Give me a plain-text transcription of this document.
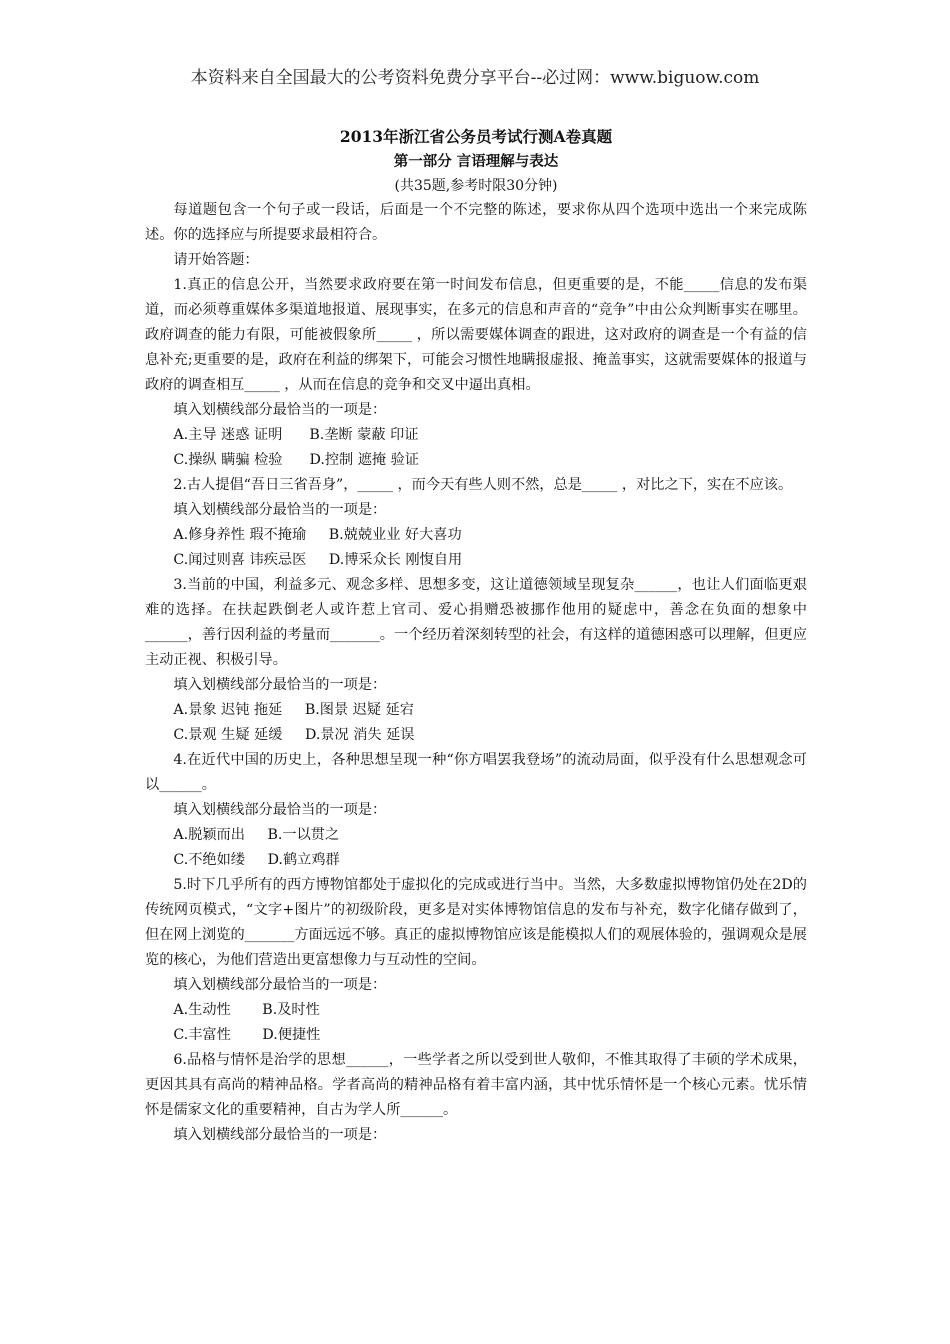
本资料来自全国最大的公考资料免费分享平台--必过网：www.biguow.com
2013年浙江省公务员考试行测A卷真题
第一部分 言语理解与表达
(共35题,参考时限30分钟)

每道题包含一个句子或一段话，后面是一个不完整的陈述，要求你从四个选项中选出一个来完成陈述。你的选择应与所提要求最相符合。

请开始答题：

1.真正的信息公开，当然要求政府要在第一时间发布信息，但更重要的是，不能_____信息的发布渠道，而必须尊重媒体多渠道地报道、展现事实，在多元的信息和声音的“竞争”中由公众判断事实在哪里。政府调查的能力有限，可能被假象所_____ ，所以需要媒体调查的跟进，这对政府的调查是一个有益的信息补充;更重要的是，政府在利益的绑架下，可能会习惯性地瞒报虚报、掩盖事实，这就需要媒体的报道与政府的调查相互_____ ，从而在信息的竞争和交叉中逼出真相。

填入划横线部分最恰当的一项是：

A.主导 迷惑 证明 B.垄断 蒙蔽 印证
C.操纵 瞒骗 检验 D.控制 遮掩 验证

2.古人提倡“吾日三省吾身”，_____ ，而今天有些人则不然，总是_____ ，对比之下，实在不应该。

填入划横线部分最恰当的一项是：

A.修身养性 瑕不掩瑜 B.兢兢业业 好大喜功
C.闻过则喜 讳疾忌医 D.博采众长 刚愎自用

3.当前的中国，利益多元、观念多样、思想多变，这让道德领域呈现复杂______，也让人们面临更艰难的选择。在扶起跌倒老人或许惹上官司、爱心捐赠恐被挪作他用的疑虑中，善念在负面的想象中______，善行因利益的考量而_______。一个经历着深刻转型的社会，有这样的道德困惑可以理解，但更应主动正视、积极引导。

填入划横线部分最恰当的一项是：

A.景象 迟钝 拖延 B.图景 迟疑 延宕
C.景观 生疑 延缓 D.景况 消失 延误

4.在近代中国的历史上，各种思想呈现一种“你方唱罢我登场”的流动局面，似乎没有什么思想观念可以______。

填入划横线部分最恰当的一项是：

A.脱颖而出 B.一以贯之
C.不绝如缕 D.鹤立鸡群

5.时下几乎所有的西方博物馆都处于虚拟化的完成或进行当中。当然，大多数虚拟博物馆仍处在2D的传统网页模式，“文字+图片”的初级阶段，更多是对实体博物馆信息的发布与补充，数字化储存做到了，但在网上浏览的_______方面远远不够。真正的虚拟博物馆应该是能模拟人们的观展体验的，强调观众是展览的核心，为他们营造出更富想像力与互动性的空间。

填入划横线部分最恰当的一项是：

A.生动性 B.及时性
C.丰富性 D.便捷性

6.品格与情怀是治学的思想______，一些学者之所以受到世人敬仰，不惟其取得了丰硕的学术成果，更因其具有高尚的精神品格。学者高尚的精神品格有着丰富内涵，其中忧乐情怀是一个核心元素。忧乐情怀是儒家文化的重要精神，自古为学人所______。

填入划横线部分最恰当的一项是：
